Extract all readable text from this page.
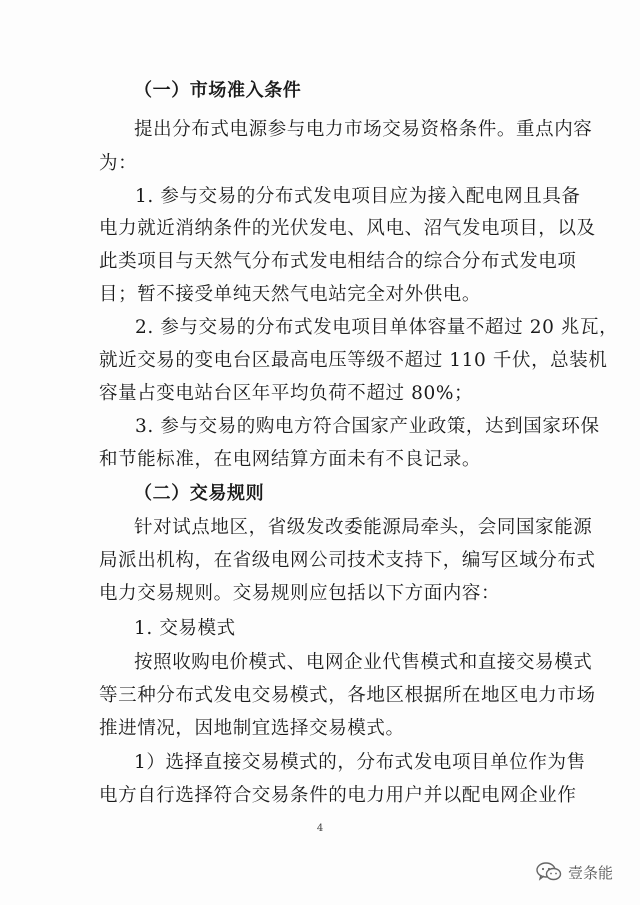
（一）市场准入条件
提出分布式电源参与电力市场交易资格条件。重点内容
为：
1. 参与交易的分布式发电项目应为接入配电网且具备
电力就近消纳条件的光伏发电、风电、沼气发电项目，以及
此类项目与天然气分布式发电相结合的综合分布式发电项
目；暂不接受单纯天然气电站完全对外供电。
2. 参与交易的分布式发电项目单体容量不超过 20 兆瓦，
就近交易的变电台区最高电压等级不超过 110 千伏，总装机
容量占变电站台区年平均负荷不超过 80%；
3. 参与交易的购电方符合国家产业政策，达到国家环保
和节能标准，在电网结算方面未有不良记录。
（二）交易规则
针对试点地区，省级发改委能源局牵头，会同国家能源
局派出机构，在省级电网公司技术支持下，编写区域分布式
电力交易规则。交易规则应包括以下方面内容：
1. 交易模式
按照收购电价模式、电网企业代售模式和直接交易模式
等三种分布式发电交易模式，各地区根据所在地区电力市场
推进情况，因地制宜选择交易模式。
1）选择直接交易模式的，分布式发电项目单位作为售
电方自行选择符合交易条件的电力用户并以配电网企业作
4
壹条能
